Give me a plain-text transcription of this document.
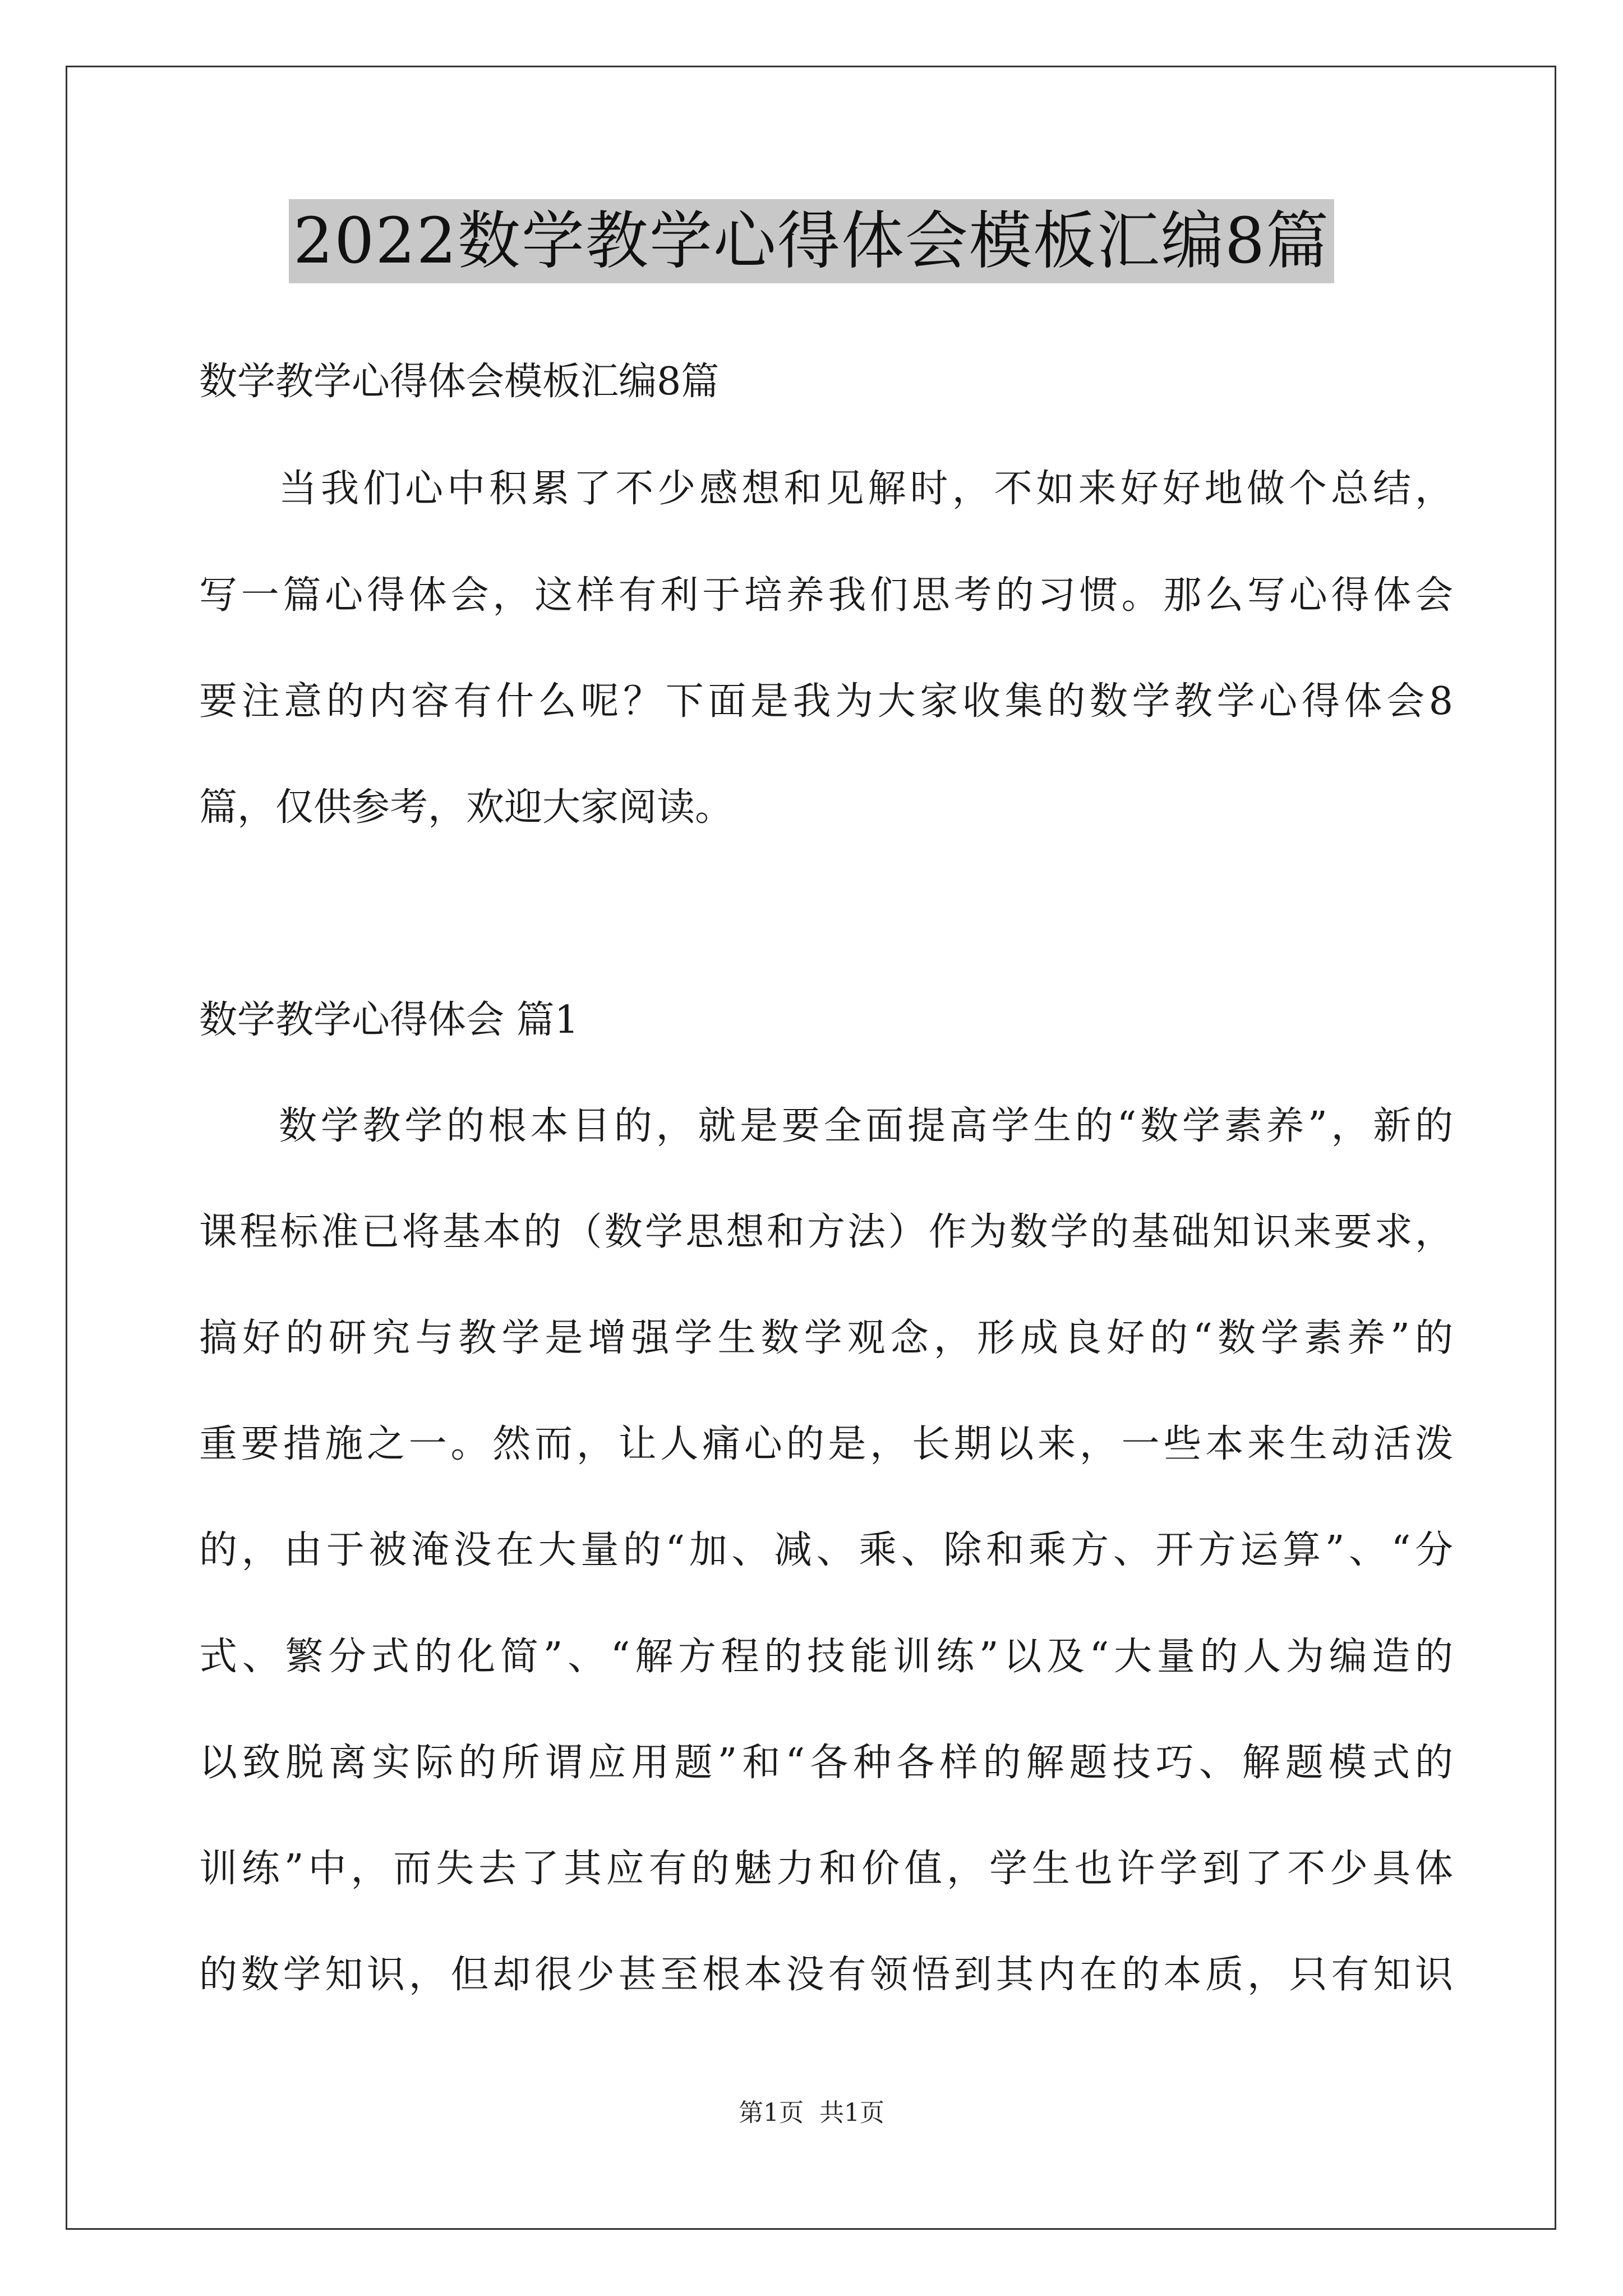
2022数学教学心得体会模板汇编8篇
数学教学心得体会模板汇编8篇
当我们心中积累了不少感想和见解时，不如来好好地做个总结，
写一篇心得体会，这样有利于培养我们思考的习惯。那么写心得体会
要注意的内容有什么呢？下面是我为大家收集的数学教学心得体会8
篇，仅供参考，欢迎大家阅读。
数学教学心得体会 篇1
数学教学的根本目的，就是要全面提高学生的“数学素养”，新的
课程标准已将基本的（数学思想和方法）作为数学的基础知识来要求，
搞好的研究与教学是增强学生数学观念，形成良好的“数学素养”的
重要措施之一。然而，让人痛心的是，长期以来，一些本来生动活泼
的，由于被淹没在大量的“加、减、乘、除和乘方、开方运算”、“分
式、繁分式的化简”、“解方程的技能训练”以及“大量的人为编造的
以致脱离实际的所谓应用题”和“各种各样的解题技巧、解题模式的
训练”中，而失去了其应有的魅力和价值，学生也许学到了不少具体
的数学知识，但却很少甚至根本没有领悟到其内在的本质，只有知识
第1页 共1页
